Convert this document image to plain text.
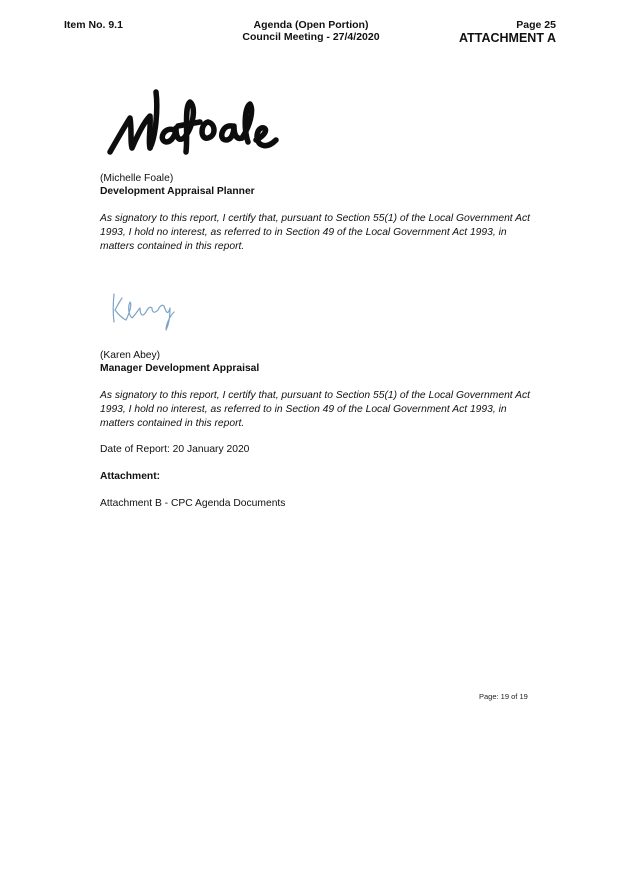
Item No. 9.1	Agenda (Open Portion)
Council Meeting - 27/4/2020
Page 25
ATTACHMENT A
(Michelle Foale)
Development Appraisal Planner
As signatory to this report, I certify that, pursuant to Section 55(1) of the Local Government Act 1993, I hold no interest, as referred to in Section 49 of the Local Government Act 1993, in matters contained in this report.
(Karen Abey)
Manager Development Appraisal
As signatory to this report, I certify that, pursuant to Section 55(1) of the Local Government Act 1993, I hold no interest, as referred to in Section 49 of the Local Government Act 1993, in matters contained in this report.
Date of Report: 20 January 2020
Attachment:
Attachment B - CPC Agenda Documents
Page: 19 of 19
